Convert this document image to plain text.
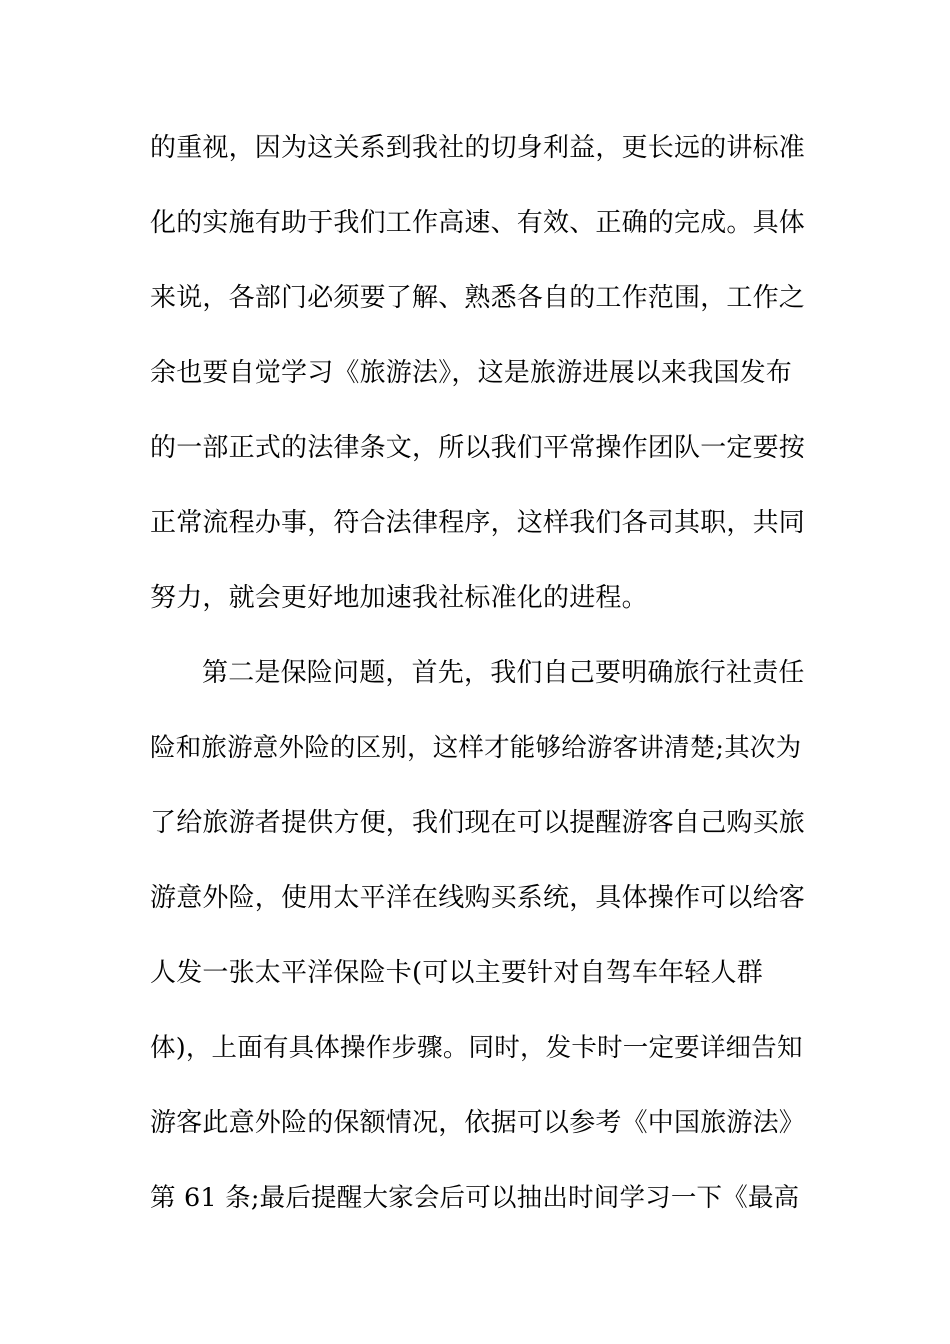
的重视，因为这关系到我社的切身利益，更长远的讲标准
化的实施有助于我们工作高速、有效、正确的完成。具体
来说，各部门必须要了解、熟悉各自的工作范围，工作之
余也要自觉学习《旅游法》，这是旅游进展以来我国发布
的一部正式的法律条文，所以我们平常操作团队一定要按
正常流程办事，符合法律程序，这样我们各司其职，共同
努力，就会更好地加速我社标准化的进程。
第二是保险问题，首先，我们自己要明确旅行社责任
险和旅游意外险的区别，这样才能够给游客讲清楚;其次为
了给旅游者提供方便，我们现在可以提醒游客自己购买旅
游意外险，使用太平洋在线购买系统，具体操作可以给客
人发一张太平洋保险卡(可以主要针对自驾车年轻人群
体)，上面有具体操作步骤。同时，发卡时一定要详细告知
游客此意外险的保额情况，依据可以参考《中国旅游法》
第 61 条;最后提醒大家会后可以抽出时间学习一下《最高
